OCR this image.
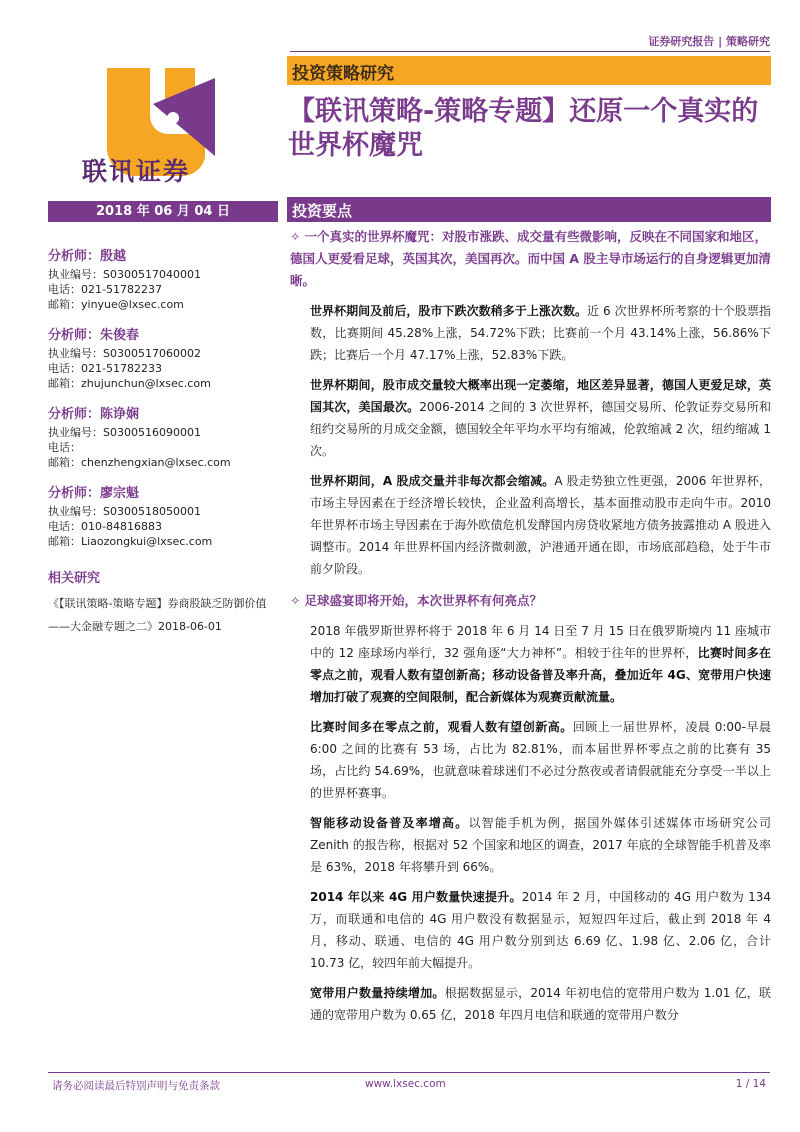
证券研究报告 | 策略研究
联讯证券
投资策略研究
【联讯策略-策略专题】还原一个真实的世界杯魔咒
2018 年 06 月 04 日	投资要点
分析师：殷越
执业编号：S0300517040001
电话：021-51782237
邮箱：yinyue@lxsec.com
分析师：朱俊春
执业编号：S0300517060002
电话：021-51782233
邮箱：zhujunchun@lxsec.com
分析师：陈诤娴
执业编号：S0300516090001
电话：
邮箱：chenzhengxian@lxsec.com
分析师：廖宗魁
执业编号：S0300518050001
电话：010-84816883
邮箱：Liaozongkui@lxsec.com
相关研究
《【联讯策略-策略专题】券商股缺乏防御价值——大金融专题之二》2018-06-01
✧ 一个真实的世界杯魔咒：对股市涨跌、成交量有些微影响，反映在不同国家和地区，德国人更爱看足球，英国其次，美国再次。而中国 A 股主导市场运行的自身逻辑更加清晰。
世界杯期间及前后，股市下跌次数稍多于上涨次数。近 6 次世界杯所考察的十个股票指数，比赛期间 45.28%上涨，54.72%下跌；比赛前一个月 43.14%上涨，56.86%下跌；比赛后一个月 47.17%上涨，52.83%下跌。
世界杯期间，股市成交量较大概率出现一定萎缩，地区差异显著，德国人更爱足球，英国其次，美国最次。2006-2014 之间的 3 次世界杯，德国交易所、伦敦证券交易所和纽约交易所的月成交金额，德国较全年平均水平均有缩减，伦敦缩减 2 次，纽约缩减 1 次。
世界杯期间，A 股成交量并非每次都会缩减。A 股走势独立性更强，2006 年世界杯，市场主导因素在于经济增长较快，企业盈利高增长，基本面推动股市走向牛市。2010 年世界杯市场主导因素在于海外欧债危机发酵国内房贷收紧地方债务披露推动 A 股进入调整市。2014 年世界杯国内经济微刺激，沪港通开通在即，市场底部趋稳，处于牛市前夕阶段。
✧ 足球盛宴即将开始，本次世界杯有何亮点？
2018 年俄罗斯世界杯将于 2018 年 6 月 14 日至 7 月 15 日在俄罗斯境内 11 座城市中的 12 座球场内举行，32 强角逐“大力神杯”。相较于往年的世界杯，比赛时间多在零点之前，观看人数有望创新高；移动设备普及率升高，叠加近年 4G、宽带用户快速增加打破了观赛的空间限制，配合新媒体为观赛贡献流量。
比赛时间多在零点之前，观看人数有望创新高。回顾上一届世界杯，凌晨 0:00-早晨 6:00 之间的比赛有 53 场，占比为 82.81%，而本届世界杯零点之前的比赛有 35 场，占比约 54.69%，也就意味着球迷们不必过分熬夜或者请假就能充分享受一半以上的世界杯赛事。
智能移动设备普及率增高。以智能手机为例，据国外媒体引述媒体市场研究公司 Zenith 的报告称，根据对 52 个国家和地区的调查，2017 年底的全球智能手机普及率是 63%，2018 年将攀升到 66%。
2014 年以来 4G 用户数量快速提升。2014 年 2 月，中国移动的 4G 用户数为 134 万，而联通和电信的 4G 用户数没有数据显示，短短四年过后，截止到 2018 年 4 月，移动、联通、电信的 4G 用户数分别到达 6.69 亿、1.98 亿、2.06 亿，合计 10.73 亿，较四年前大幅提升。
宽带用户数量持续增加。根据数据显示，2014 年初电信的宽带用户数为 1.01 亿，联通的宽带用户数为 0.65 亿，2018 年四月电信和联通的宽带用户数分
请务必阅读最后特别声明与免责条款	www.lxsec.com	1 / 14
